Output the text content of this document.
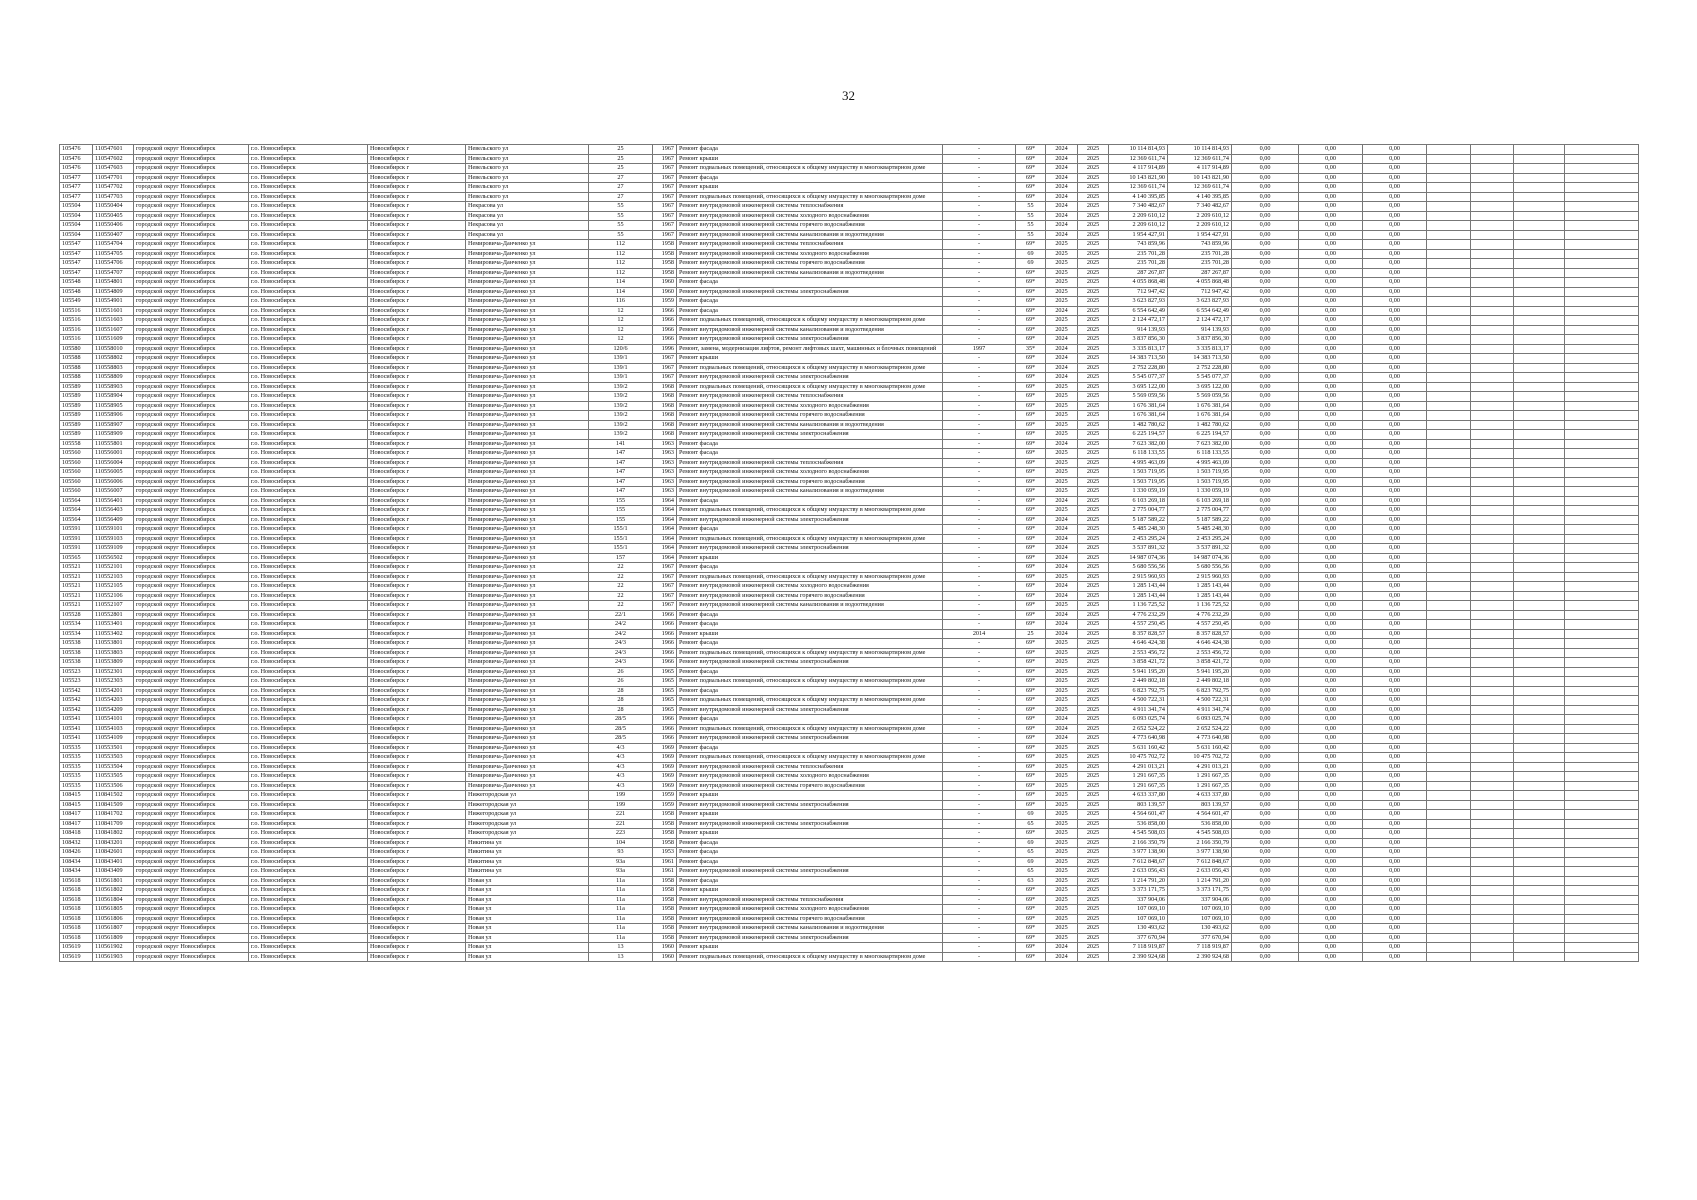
32
105476	110547601	городской округ Новосибирск	г.о. Новосибирск	Новосибирск г	Невельского ул	25	1967	Ремонт фасада	-	69*	2024	2025	10 114 814,93	10 114 814,93	0,00	0,00	0,00				
105476	110547602	городской округ Новосибирск	г.о. Новосибирск	Новосибирск г	Невельского ул	25	1967	Ремонт крыши	-	69*	2024	2025	12 369 611,74	12 369 611,74	0,00	0,00	0,00				
105476	110547603	городской округ Новосибирск	г.о. Новосибирск	Новосибирск г	Невельского ул	25	1967	Ремонт подвальных помещений, относящихся к общему имуществу в многоквартирном доме	-	69*	2024	2025	4 117 914,89	4 117 914,89	0,00	0,00	0,00				
105477	110547701	городской округ Новосибирск	г.о. Новосибирск	Новосибирск г	Невельского ул	27	1967	Ремонт фасада	-	69*	2024	2025	10 143 821,90	10 143 821,90	0,00	0,00	0,00				
105477	110547702	городской округ Новосибирск	г.о. Новосибирск	Новосибирск г	Невельского ул	27	1967	Ремонт крыши	-	69*	2024	2025	12 369 611,74	12 369 611,74	0,00	0,00	0,00				
105477	110547703	городской округ Новосибирск	г.о. Новосибирск	Новосибирск г	Невельского ул	27	1967	Ремонт подвальных помещений, относящихся к общему имуществу в многоквартирном доме	-	69*	2024	2025	4 140 395,85	4 140 395,85	0,00	0,00	0,00				
105504	110550404	городской округ Новосибирск	г.о. Новосибирск	Новосибирск г	Некрасова ул	55	1967	Ремонт внутридомовой инженерной системы теплоснабжения	-	55	2024	2025	7 340 482,67	7 340 482,67	0,00	0,00	0,00				
105504	110550405	городской округ Новосибирск	г.о. Новосибирск	Новосибирск г	Некрасова ул	55	1967	Ремонт внутридомовой инженерной системы холодного водоснабжения	-	55	2024	2025	2 209 610,12	2 209 610,12	0,00	0,00	0,00				
105504	110550406	городской округ Новосибирск	г.о. Новосибирск	Новосибирск г	Некрасова ул	55	1967	Ремонт внутридомовой инженерной системы горячего водоснабжения	-	55	2024	2025	2 209 610,12	2 209 610,12	0,00	0,00	0,00				
105504	110550407	городской округ Новосибирск	г.о. Новосибирск	Новосибирск г	Некрасова ул	55	1967	Ремонт внутридомовой инженерной системы канализования и водоотведения	-	55	2024	2025	1 954 427,91	1 954 427,91	0,00	0,00	0,00				
105547	110554704	городской округ Новосибирск	г.о. Новосибирск	Новосибирск г	Немировича-Данченко ул	112	1958	Ремонт внутридомовой инженерной системы теплоснабжения	-	69*	2025	2025	743 859,96	743 859,96	0,00	0,00	0,00				
105547	110554705	городской округ Новосибирск	г.о. Новосибирск	Новосибирск г	Немировича-Данченко ул	112	1958	Ремонт внутридомовой инженерной системы холодного водоснабжения	-	69	2025	2025	235 701,28	235 701,28	0,00	0,00	0,00				
105547	110554706	городской округ Новосибирск	г.о. Новосибирск	Новосибирск г	Немировича-Данченко ул	112	1958	Ремонт внутридомовой инженерной системы горячего водоснабжения	-	69	2025	2025	235 701,28	235 701,28	0,00	0,00	0,00				
105547	110554707	городской округ Новосибирск	г.о. Новосибирск	Новосибирск г	Немировича-Данченко ул	112	1958	Ремонт внутридомовой инженерной системы канализования и водоотведения	-	69*	2025	2025	287 267,87	287 267,87	0,00	0,00	0,00				
105548	110554801	городской округ Новосибирск	г.о. Новосибирск	Новосибирск г	Немировича-Данченко ул	114	1960	Ремонт фасада	-	69*	2025	2025	4 055 868,48	4 055 868,48	0,00	0,00	0,00				
105548	110554809	городской округ Новосибирск	г.о. Новосибирск	Новосибирск г	Немировича-Данченко ул	114	1960	Ремонт внутридомовой инженерной системы электроснабжения	-	69*	2025	2025	712 947,42	712 947,42	0,00	0,00	0,00				
105549	110554901	городской округ Новосибирск	г.о. Новосибирск	Новосибирск г	Немировича-Данченко ул	116	1959	Ремонт фасада	-	69*	2025	2025	3 623 827,93	3 623 827,93	0,00	0,00	0,00				
105516	110551601	городской округ Новосибирск	г.о. Новосибирск	Новосибирск г	Немировича-Данченко ул	12	1966	Ремонт фасада	-	69*	2024	2025	6 554 642,49	6 554 642,49	0,00	0,00	0,00				
105516	110551603	городской округ Новосибирск	г.о. Новосибирск	Новосибирск г	Немировича-Данченко ул	12	1966	Ремонт подвальных помещений, относящихся к общему имуществу в многоквартирном доме	-	69*	2025	2025	2 124 472,17	2 124 472,17	0,00	0,00	0,00				
105516	110551607	городской округ Новосибирск	г.о. Новосибирск	Новосибирск г	Немировича-Данченко ул	12	1966	Ремонт внутридомовой инженерной системы канализования и водоотведения	-	69*	2025	2025	914 139,93	914 139,93	0,00	0,00	0,00				
105516	110551609	городской округ Новосибирск	г.о. Новосибирск	Новосибирск г	Немировича-Данченко ул	12	1966	Ремонт внутридомовой инженерной системы электроснабжения	-	69*	2024	2025	3 837 856,30	3 837 856,30	0,00	0,00	0,00				
105580	110558010	городской округ Новосибирск	г.о. Новосибирск	Новосибирск г	Немировича-Данченко ул	120/6	1996	Ремонт, замена, модернизация лифтов, ремонт лифтовых шахт, машинных и блочных помещений	1997	35*	2024	2025	3 335 813,17	3 335 813,17	0,00	0,00	0,00				
105588	110558802	городской округ Новосибирск	г.о. Новосибирск	Новосибирск г	Немировича-Данченко ул	139/1	1967	Ремонт крыши	-	69*	2024	2025	14 383 713,50	14 383 713,50	0,00	0,00	0,00				
105588	110558803	городской округ Новосибирск	г.о. Новосибирск	Новосибирск г	Немировича-Данченко ул	139/1	1967	Ремонт подвальных помещений, относящихся к общему имуществу в многоквартирном доме	-	69*	2024	2025	2 752 228,80	2 752 228,80	0,00	0,00	0,00				
105588	110558809	городской округ Новосибирск	г.о. Новосибирск	Новосибирск г	Немировича-Данченко ул	139/1	1967	Ремонт внутридомовой инженерной системы электроснабжения	-	69*	2024	2025	5 545 077,37	5 545 077,37	0,00	0,00	0,00				
105589	110558903	городской округ Новосибирск	г.о. Новосибирск	Новосибирск г	Немировича-Данченко ул	139/2	1968	Ремонт подвальных помещений, относящихся к общему имуществу в многоквартирном доме	-	69*	2025	2025	3 695 122,00	3 695 122,00	0,00	0,00	0,00				
105589	110558904	городской округ Новосибирск	г.о. Новосибирск	Новосибирск г	Немировича-Данченко ул	139/2	1968	Ремонт внутридомовой инженерной системы теплоснабжения	-	69*	2025	2025	5 569 059,56	5 569 059,56	0,00	0,00	0,00				
105589	110558905	городской округ Новосибирск	г.о. Новосибирск	Новосибирск г	Немировича-Данченко ул	139/2	1968	Ремонт внутридомовой инженерной системы холодного водоснабжения	-	69*	2025	2025	1 676 381,64	1 676 381,64	0,00	0,00	0,00				
105589	110558906	городской округ Новосибирск	г.о. Новосибирск	Новосибирск г	Немировича-Данченко ул	139/2	1968	Ремонт внутридомовой инженерной системы горячего водоснабжения	-	69*	2025	2025	1 676 381,64	1 676 381,64	0,00	0,00	0,00				
105589	110558907	городской округ Новосибирск	г.о. Новосибирск	Новосибирск г	Немировича-Данченко ул	139/2	1968	Ремонт внутридомовой инженерной системы канализования и водоотведения	-	69*	2025	2025	1 482 780,62	1 482 780,62	0,00	0,00	0,00				
105589	110558909	городской округ Новосибирск	г.о. Новосибирск	Новосибирск г	Немировича-Данченко ул	139/2	1968	Ремонт внутридомовой инженерной системы электроснабжения	-	69*	2025	2025	6 225 194,57	6 225 194,57	0,00	0,00	0,00				
105558	110555801	городской округ Новосибирск	г.о. Новосибирск	Новосибирск г	Немировича-Данченко ул	141	1963	Ремонт фасада	-	69*	2024	2025	7 623 382,00	7 623 382,00	0,00	0,00	0,00				
105560	110556001	городской округ Новосибирск	г.о. Новосибирск	Новосибирск г	Немировича-Данченко ул	147	1963	Ремонт фасада	-	69*	2025	2025	6 118 133,55	6 118 133,55	0,00	0,00	0,00				
105560	110556004	городской округ Новосибирск	г.о. Новосибирск	Новосибирск г	Немировича-Данченко ул	147	1963	Ремонт внутридомовой инженерной системы теплоснабжения	-	69*	2025	2025	4 995 463,09	4 995 463,09	0,00	0,00	0,00				
105560	110556005	городской округ Новосибирск	г.о. Новосибирск	Новосибирск г	Немировича-Данченко ул	147	1963	Ремонт внутридомовой инженерной системы холодного водоснабжения	-	69*	2025	2025	1 503 719,95	1 503 719,95	0,00	0,00	0,00				
105560	110556006	городской округ Новосибирск	г.о. Новосибирск	Новосибирск г	Немировича-Данченко ул	147	1963	Ремонт внутридомовой инженерной системы горячего водоснабжения	-	69*	2025	2025	1 503 719,95	1 503 719,95	0,00	0,00	0,00				
105560	110556007	городской округ Новосибирск	г.о. Новосибирск	Новосибирск г	Немировича-Данченко ул	147	1963	Ремонт внутридомовой инженерной системы канализования и водоотведения	-	69*	2025	2025	1 330 059,19	1 330 059,19	0,00	0,00	0,00				
105564	110556401	городской округ Новосибирск	г.о. Новосибирск	Новосибирск г	Немировича-Данченко ул	155	1964	Ремонт фасада	-	69*	2024	2025	6 103 269,18	6 103 269,18	0,00	0,00	0,00				
105564	110556403	городской округ Новосибирск	г.о. Новосибирск	Новосибирск г	Немировича-Данченко ул	155	1964	Ремонт подвальных помещений, относящихся к общему имуществу в многоквартирном доме	-	69*	2025	2025	2 775 004,77	2 775 004,77	0,00	0,00	0,00				
105564	110556409	городской округ Новосибирск	г.о. Новосибирск	Новосибирск г	Немировича-Данченко ул	155	1964	Ремонт внутридомовой инженерной системы электроснабжения	-	69*	2024	2025	5 187 589,22	5 187 589,22	0,00	0,00	0,00				
105591	110559101	городской округ Новосибирск	г.о. Новосибирск	Новосибирск г	Немировича-Данченко ул	155/1	1964	Ремонт фасада	-	69*	2024	2025	5 485 248,30	5 485 248,30	0,00	0,00	0,00				
105591	110559103	городской округ Новосибирск	г.о. Новосибирск	Новосибирск г	Немировича-Данченко ул	155/1	1964	Ремонт подвальных помещений, относящихся к общему имуществу в многоквартирном доме	-	69*	2024	2025	2 453 295,24	2 453 295,24	0,00	0,00	0,00				
105591	110559109	городской округ Новосибирск	г.о. Новосибирск	Новосибирск г	Немировича-Данченко ул	155/1	1964	Ремонт внутридомовой инженерной системы электроснабжения	-	69*	2024	2025	3 537 891,32	3 537 891,32	0,00	0,00	0,00				
105565	110556502	городской округ Новосибирск	г.о. Новосибирск	Новосибирск г	Немировича-Данченко ул	157	1964	Ремонт крыши	-	69*	2024	2025	14 987 074,36	14 987 074,36	0,00	0,00	0,00				
105521	110552101	городской округ Новосибирск	г.о. Новосибирск	Новосибирск г	Немировича-Данченко ул	22	1967	Ремонт фасада	-	69*	2024	2025	5 680 556,56	5 680 556,56	0,00	0,00	0,00				
105521	110552103	городской округ Новосибирск	г.о. Новосибирск	Новосибирск г	Немировича-Данченко ул	22	1967	Ремонт подвальных помещений, относящихся к общему имуществу в многоквартирном доме	-	69*	2025	2025	2 915 960,93	2 915 960,93	0,00	0,00	0,00				
105521	110552105	городской округ Новосибирск	г.о. Новосибирск	Новосибирск г	Немировича-Данченко ул	22	1967	Ремонт внутридомовой инженерной системы холодного водоснабжения	-	69*	2024	2025	1 285 143,44	1 285 143,44	0,00	0,00	0,00				
105521	110552106	городской округ Новосибирск	г.о. Новосибирск	Новосибирск г	Немировича-Данченко ул	22	1967	Ремонт внутридомовой инженерной системы горячего водоснабжения	-	69*	2024	2025	1 285 143,44	1 285 143,44	0,00	0,00	0,00				
105521	110552107	городской округ Новосибирск	г.о. Новосибирск	Новосибирск г	Немировича-Данченко ул	22	1967	Ремонт внутридомовой инженерной системы канализования и водоотведения	-	69*	2025	2025	1 136 725,52	1 136 725,52	0,00	0,00	0,00				
105528	110552801	городской округ Новосибирск	г.о. Новосибирск	Новосибирск г	Немировича-Данченко ул	22/1	1966	Ремонт фасада	-	69*	2024	2025	4 776 232,29	4 776 232,29	0,00	0,00	0,00				
105534	110553401	городской округ Новосибирск	г.о. Новосибирск	Новосибирск г	Немировича-Данченко ул	24/2	1966	Ремонт фасада	-	69*	2024	2025	4 557 250,45	4 557 250,45	0,00	0,00	0,00				
105534	110553402	городской округ Новосибирск	г.о. Новосибирск	Новосибирск г	Немировича-Данченко ул	24/2	1966	Ремонт крыши	2014	25	2024	2025	8 357 828,57	8 357 828,57	0,00	0,00	0,00				
105538	110553801	городской округ Новосибирск	г.о. Новосибирск	Новосибирск г	Немировича-Данченко ул	24/3	1966	Ремонт фасада	-	69*	2025	2025	4 646 424,38	4 646 424,38	0,00	0,00	0,00				
105538	110553803	городской округ Новосибирск	г.о. Новосибирск	Новосибирск г	Немировича-Данченко ул	24/3	1966	Ремонт подвальных помещений, относящихся к общему имуществу в многоквартирном доме	-	69*	2025	2025	2 553 456,72	2 553 456,72	0,00	0,00	0,00				
105538	110553809	городской округ Новосибирск	г.о. Новосибирск	Новосибирск г	Немировича-Данченко ул	24/3	1966	Ремонт внутридомовой инженерной системы электроснабжения	-	69*	2025	2025	3 858 421,72	3 858 421,72	0,00	0,00	0,00				
105523	110552301	городской округ Новосибирск	г.о. Новосибирск	Новосибирск г	Немировича-Данченко ул	26	1965	Ремонт фасада	-	69*	2025	2025	5 941 195,20	5 941 195,20	0,00	0,00	0,00				
105523	110552303	городской округ Новосибирск	г.о. Новосибирск	Новосибирск г	Немировича-Данченко ул	26	1965	Ремонт подвальных помещений, относящихся к общему имуществу в многоквартирном доме	-	69*	2025	2025	2 449 802,18	2 449 802,18	0,00	0,00	0,00				
105542	110554201	городской округ Новосибирск	г.о. Новосибирск	Новосибирск г	Немировича-Данченко ул	28	1965	Ремонт фасада	-	69*	2025	2025	6 823 792,75	6 823 792,75	0,00	0,00	0,00				
105542	110554203	городской округ Новосибирск	г.о. Новосибирск	Новосибирск г	Немировича-Данченко ул	28	1965	Ремонт подвальных помещений, относящихся к общему имуществу в многоквартирном доме	-	69*	2025	2025	4 500 722,31	4 500 722,31	0,00	0,00	0,00				
105542	110554209	городской округ Новосибирск	г.о. Новосибирск	Новосибирск г	Немировича-Данченко ул	28	1965	Ремонт внутридомовой инженерной системы электроснабжения	-	69*	2025	2025	4 911 341,74	4 911 341,74	0,00	0,00	0,00				
105541	110554101	городской округ Новосибирск	г.о. Новосибирск	Новосибирск г	Немировича-Данченко ул	28/5	1966	Ремонт фасада	-	69*	2024	2025	6 093 025,74	6 093 025,74	0,00	0,00	0,00				
105541	110554103	городской округ Новосибирск	г.о. Новосибирск	Новосибирск г	Немировича-Данченко ул	28/5	1966	Ремонт подвальных помещений, относящихся к общему имуществу в многоквартирном доме	-	69*	2024	2025	2 652 524,22	2 652 524,22	0,00	0,00	0,00				
105541	110554109	городской округ Новосибирск	г.о. Новосибирск	Новосибирск г	Немировича-Данченко ул	28/5	1966	Ремонт внутридомовой инженерной системы электроснабжения	-	69*	2024	2025	4 773 640,98	4 773 640,98	0,00	0,00	0,00				
105535	110553501	городской округ Новосибирск	г.о. Новосибирск	Новосибирск г	Немировича-Данченко ул	4/3	1969	Ремонт фасада	-	69*	2025	2025	5 631 160,42	5 631 160,42	0,00	0,00	0,00				
105535	110553503	городской округ Новосибирск	г.о. Новосибирск	Новосибирск г	Немировича-Данченко ул	4/3	1969	Ремонт подвальных помещений, относящихся к общему имуществу в многоквартирном доме	-	69*	2025	2025	10 475 702,72	10 475 702,72	0,00	0,00	0,00				
105535	110553504	городской округ Новосибирск	г.о. Новосибирск	Новосибирск г	Немировича-Данченко ул	4/3	1969	Ремонт внутридомовой инженерной системы теплоснабжения	-	69*	2025	2025	4 291 013,21	4 291 013,21	0,00	0,00	0,00				
105535	110553505	городской округ Новосибирск	г.о. Новосибирск	Новосибирск г	Немировича-Данченко ул	4/3	1969	Ремонт внутридомовой инженерной системы холодного водоснабжения	-	69*	2025	2025	1 291 667,35	1 291 667,35	0,00	0,00	0,00				
105535	110553506	городской округ Новосибирск	г.о. Новосибирск	Новосибирск г	Немировича-Данченко ул	4/3	1969	Ремонт внутридомовой инженерной системы горячего водоснабжения	-	69*	2025	2025	1 291 667,35	1 291 667,35	0,00	0,00	0,00				
108415	110841502	городской округ Новосибирск	г.о. Новосибирск	Новосибирск г	Нижегородская ул	199	1959	Ремонт крыши	-	69*	2025	2025	4 633 337,80	4 633 337,80	0,00	0,00	0,00				
108415	110841509	городской округ Новосибирск	г.о. Новосибирск	Новосибирск г	Нижегородская ул	199	1959	Ремонт внутридомовой инженерной системы электроснабжения	-	69*	2025	2025	803 139,57	803 139,57	0,00	0,00	0,00				
108417	110841702	городской округ Новосибирск	г.о. Новосибирск	Новосибирск г	Нижегородская ул	221	1958	Ремонт крыши	-	69	2025	2025	4 564 601,47	4 564 601,47	0,00	0,00	0,00				
108417	110841709	городской округ Новосибирск	г.о. Новосибирск	Новосибирск г	Нижегородская ул	221	1958	Ремонт внутридомовой инженерной системы электроснабжения	-	65	2025	2025	536 858,00	536 858,00	0,00	0,00	0,00				
108418	110841802	городской округ Новосибирск	г.о. Новосибирск	Новосибирск г	Нижегородская ул	223	1958	Ремонт крыши	-	69*	2025	2025	4 545 508,03	4 545 508,03	0,00	0,00	0,00				
108432	110843201	городской округ Новосибирск	г.о. Новосибирск	Новосибирск г	Никитина ул	104	1958	Ремонт фасада	-	69	2025	2025	2 166 350,79	2 166 350,79	0,00	0,00	0,00				
108426	110842601	городской округ Новосибирск	г.о. Новосибирск	Новосибирск г	Никитина ул	93	1953	Ремонт фасада	-	65	2025	2025	3 977 138,90	3 977 138,90	0,00	0,00	0,00				
108434	110843401	городской округ Новосибирск	г.о. Новосибирск	Новосибирск г	Никитина ул	93а	1961	Ремонт фасада	-	69	2025	2025	7 612 848,67	7 612 848,67	0,00	0,00	0,00				
108434	110843409	городской округ Новосибирск	г.о. Новосибирск	Новосибирск г	Никитина ул	93а	1961	Ремонт внутридомовой инженерной системы электроснабжения	-	65	2025	2025	2 633 056,43	2 633 056,43	0,00	0,00	0,00				
105618	110561801	городской округ Новосибирск	г.о. Новосибирск	Новосибирск г	Новая ул	11а	1958	Ремонт фасада	-	63	2025	2025	1 214 791,20	1 214 791,20	0,00	0,00	0,00				
105618	110561802	городской округ Новосибирск	г.о. Новосибирск	Новосибирск г	Новая ул	11а	1958	Ремонт крыши	-	69*	2025	2025	3 373 171,75	3 373 171,75	0,00	0,00	0,00				
105618	110561804	городской округ Новосибирск	г.о. Новосибирск	Новосибирск г	Новая ул	11а	1958	Ремонт внутридомовой инженерной системы теплоснабжения	-	69*	2025	2025	337 904,06	337 904,06	0,00	0,00	0,00				
105618	110561805	городской округ Новосибирск	г.о. Новосибирск	Новосибирск г	Новая ул	11а	1958	Ремонт внутридомовой инженерной системы холодного водоснабжения	-	69*	2025	2025	107 069,10	107 069,10	0,00	0,00	0,00				
105618	110561806	городской округ Новосибирск	г.о. Новосибирск	Новосибирск г	Новая ул	11а	1958	Ремонт внутридомовой инженерной системы горячего водоснабжения	-	69*	2025	2025	107 069,10	107 069,10	0,00	0,00	0,00				
105618	110561807	городской округ Новосибирск	г.о. Новосибирск	Новосибирск г	Новая ул	11а	1958	Ремонт внутридомовой инженерной системы канализования и водоотведения	-	69*	2025	2025	130 493,62	130 493,62	0,00	0,00	0,00				
105618	110561809	городской округ Новосибирск	г.о. Новосибирск	Новосибирск г	Новая ул	11а	1958	Ремонт внутридомовой инженерной системы электроснабжения	-	69*	2025	2025	377 670,94	377 670,94	0,00	0,00	0,00				
105619	110561902	городской округ Новосибирск	г.о. Новосибирск	Новосибирск г	Новая ул	13	1960	Ремонт крыши	-	69*	2024	2025	7 118 919,87	7 118 919,87	0,00	0,00	0,00				
105619	110561903	городской округ Новосибирск	г.о. Новосибирск	Новосибирск г	Новая ул	13	1960	Ремонт подвальных помещений, относящихся к общему имуществу в многоквартирном доме	-	69*	2024	2025	2 390 924,68	2 390 924,68	0,00	0,00	0,00				
